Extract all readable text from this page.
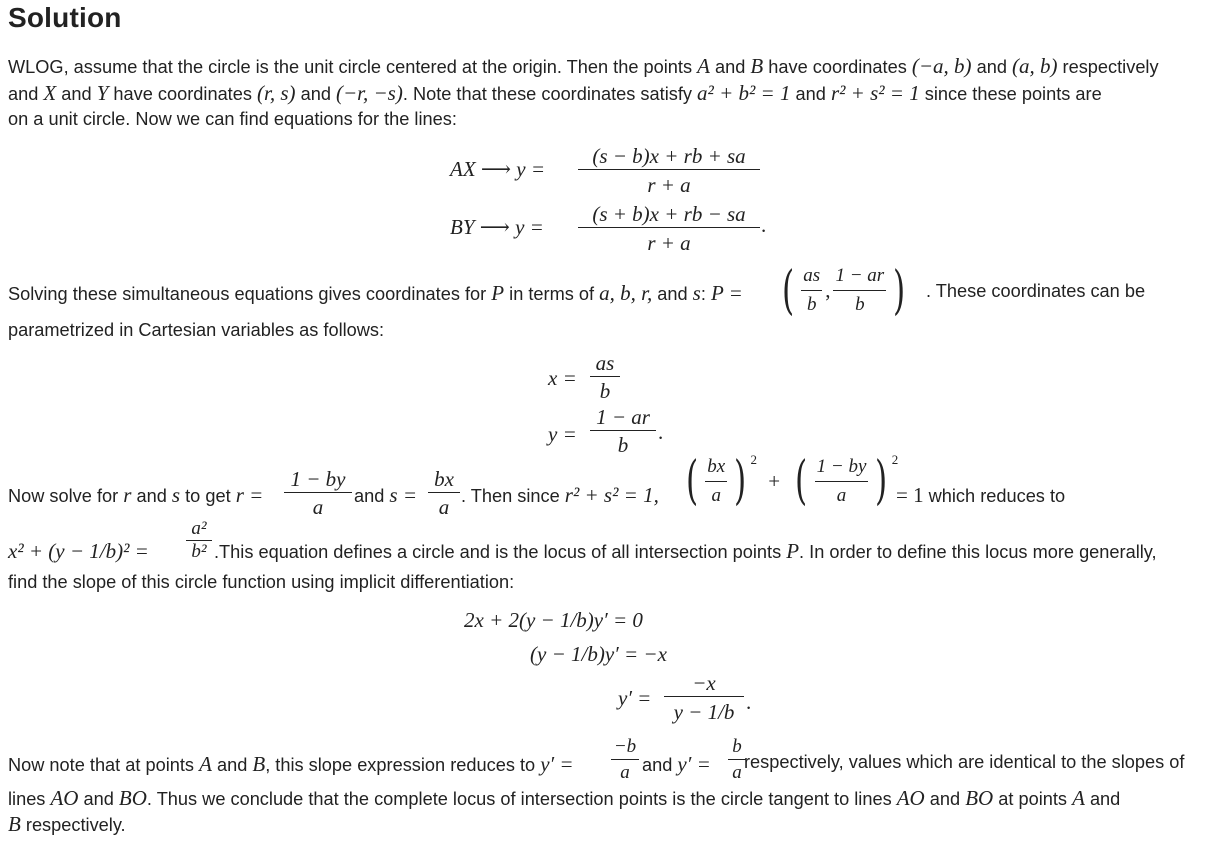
Solution
WLOG, assume that the circle is the unit circle centered at the origin. Then the points A and B have coordinates (−a, b) and (a, b) respectively
and X and Y have coordinates (r, s) and (−r, −s). Note that these coordinates satisfy a² + b² = 1 and r² + s² = 1 since these points are
on a unit circle. Now we can find equations for the lines:
AX ⟶ $y = \frac{(s - b)x + rb + sa}{r + a}$
BY ⟶ $y = \frac{(s + b)x + rb - sa}{r + a}$ .
Solving these simultaneous equations gives coordinates for P in terms of a, b, r, and s: P = ( $\frac{as}{b}$ , $\frac{1 - ar}{b}$ ) . These coordinates can be
parametrized in Cartesian variables as follows:
$x = \frac{as}{b}$
$y = \frac{1 - ar}{b}$ .
Now solve for r and s to get $r = \frac{1 - by}{a}$ and $s = \frac{bx}{a}$ . Then since r² + s² = 1, ( $\frac{bx}{a}$ ) $^2$ + ( $\frac{1 - by}{a}$ ) $^2$
= 1 which reduces to
$x^2 + (y - 1/b)^2 = \frac{\text{a²}}{\text{b²}}$ .This equation defines a circle and is the locus of all intersection points P. In order to define this locus more generally,
find the slope of this circle function using implicit differentiation:
2x + 2(y − 1/b)y′ = 0
(y − 1/b)y′ = −x
$y' = \frac{-x}{y - 1/b}$ .
Now note that at points A and B, this slope expression reduces to $y' = \frac{-b}{a}$ and $y' = \frac{b}{a}$
respectively, values which are identical to the slopes of
lines AO and BO. Thus we conclude that the complete locus of intersection points is the circle tangent to lines AO and BO at points A and
B respectively.
